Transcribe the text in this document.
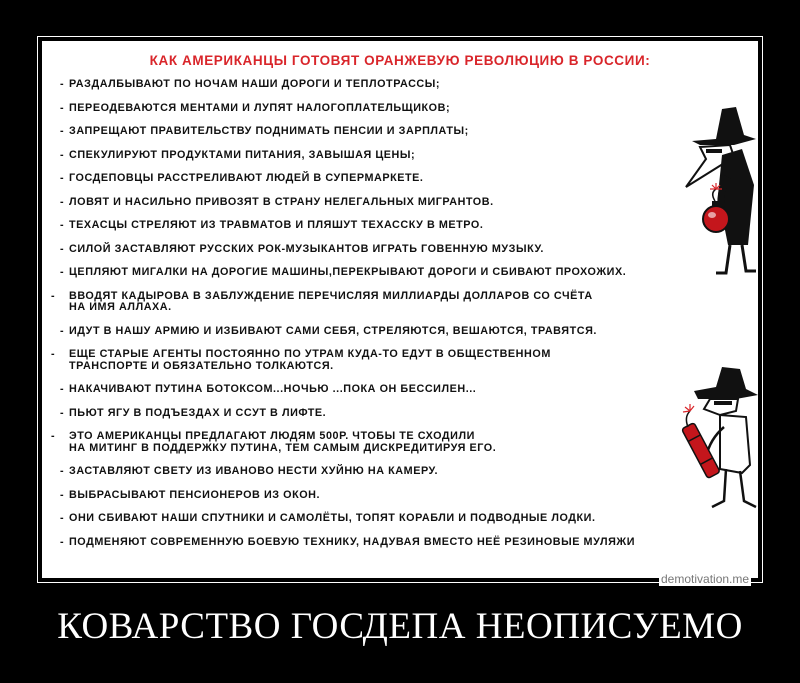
КАК АМЕРИКАНЦЫ ГОТОВЯТ ОРАНЖЕВУЮ РЕВОЛЮЦИЮ В РОССИИ:
- РАЗДАЛБЫВАЮТ ПО НОЧАМ НАШИ ДОРОГИ И ТЕПЛОТРАССЫ;
- ПЕРЕОДЕВАЮТСЯ МЕНТАМИ И ЛУПЯТ НАЛОГОПЛАТЕЛЬЩИКОВ;
- ЗАПРЕЩАЮТ ПРАВИТЕЛЬСТВУ ПОДНИМАТЬ ПЕНСИИ И ЗАРПЛАТЫ;
- СПЕКУЛИРУЮТ ПРОДУКТАМИ ПИТАНИЯ, ЗАВЫШАЯ ЦЕНЫ;
- ГОСДЕПОВЦЫ РАССТРЕЛИВАЮТ ЛЮДЕЙ В СУПЕРМАРКЕТЕ.
- ЛОВЯТ И НАСИЛЬНО ПРИВОЗЯТ В СТРАНУ НЕЛЕГАЛЬНЫХ МИГРАНТОВ.
- ТЕХАСЦЫ СТРЕЛЯЮТ ИЗ ТРАВМАТОВ И ПЛЯШУТ ТЕХАССКУ В МЕТРО.
- СИЛОЙ ЗАСТАВЛЯЮТ РУССКИХ РОК-МУЗЫКАНТОВ ИГРАТЬ ГОВЕННУЮ МУЗЫКУ.
- ЦЕПЛЯЮТ МИГАЛКИ НА ДОРОГИЕ МАШИНЫ,ПЕРЕКРЫВАЮТ ДОРОГИ И СБИВАЮТ ПРОХОЖИХ.
- ВВОДЯТ КАДЫРОВА В ЗАБЛУЖДЕНИЕ ПЕРЕЧИСЛЯЯ МИЛЛИАРДЫ ДОЛЛАРОВ СО СЧЁТА
НА ИМЯ АЛЛАХА.
- ИДУТ В НАШУ АРМИЮ И ИЗБИВАЮТ САМИ СЕБЯ, СТРЕЛЯЮТСЯ, ВЕШАЮТСЯ, ТРАВЯТСЯ.
- ЕЩЕ СТАРЫЕ АГЕНТЫ ПОСТОЯННО ПО УТРАМ КУДА-ТО ЕДУТ В ОБЩЕСТВЕННОМ
ТРАНСПОРТЕ И ОБЯЗАТЕЛЬНО ТОЛКАЮТСЯ.
- НАКАЧИВАЮТ ПУТИНА БОТОКСОМ...НОЧЬЮ ...ПОКА ОН БЕССИЛЕН...
- ПЬЮТ ЯГУ В ПОДЪЕЗДАХ И ССУТ В ЛИФТЕ.
- ЭТО АМЕРИКАНЦЫ ПРЕДЛАГАЮТ ЛЮДЯМ 500Р. ЧТОБЫ ТЕ СХОДИЛИ
НА МИТИНГ В ПОДДЕРЖКУ ПУТИНА, ТЕМ САМЫМ ДИСКРЕДИТИРУЯ ЕГО.
- ЗАСТАВЛЯЮТ СВЕТУ ИЗ ИВАНОВО НЕСТИ ХУЙНЮ НА КАМЕРУ.
- ВЫБРАСЫВАЮТ ПЕНСИОНЕРОВ ИЗ ОКОН.
- ОНИ СБИВАЮТ НАШИ СПУТНИКИ И САМОЛЁТЫ, ТОПЯТ КОРАБЛИ И ПОДВОДНЫЕ ЛОДКИ.
- ПОДМЕНЯЮТ СОВРЕМЕННУЮ БОЕВУЮ ТЕХНИКУ, НАДУВАЯ ВМЕСТО НЕЁ РЕЗИНОВЫЕ МУЛЯЖИ
demotivation.me
КОВАРСТВО ГОСДЕПА НЕОПИСУЕМО
